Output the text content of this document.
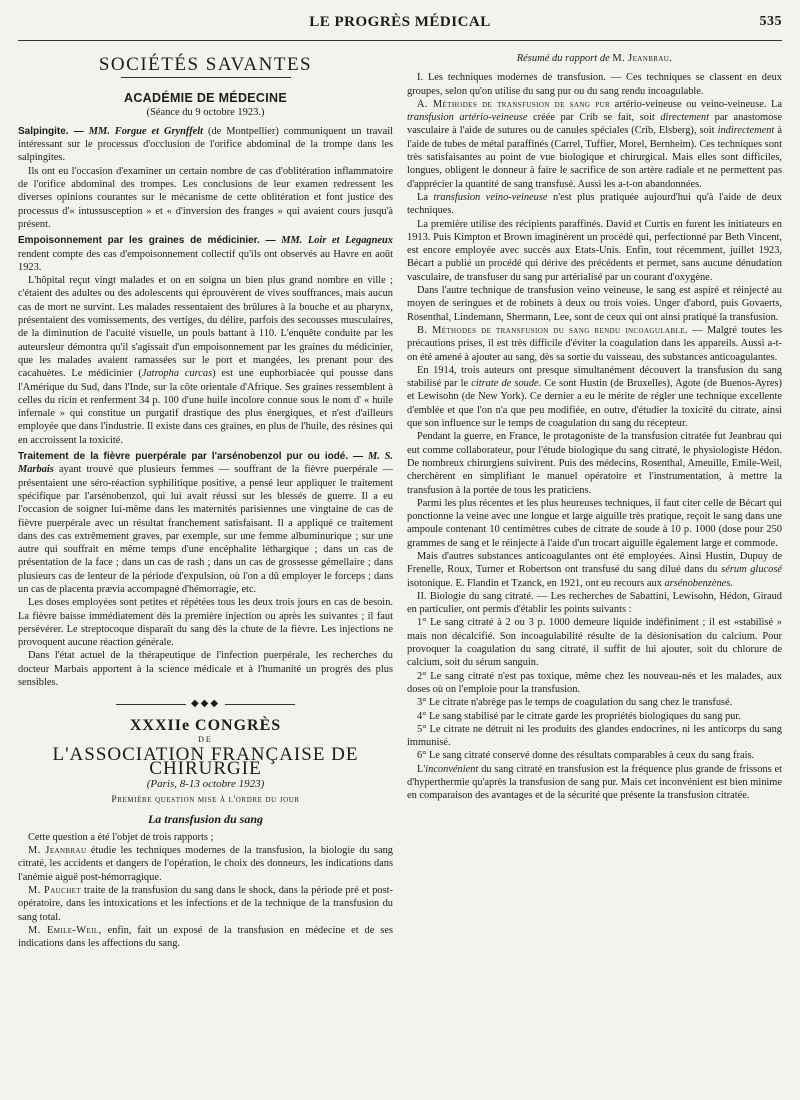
LE PROGRÈS MÉDICAL	535
SOCIÉTÉS SAVANTES
ACADÉMIE DE MÉDECINE
(Séance du 9 octobre 1923.)

Salpingite. — MM. Forgue et Grynffelt (de Montpellier) communiquent un travail intéressant sur le processus d'occlusion de l'orifice abdominal de la trompe dans les salpingites.

Ils ont eu l'occasion d'examiner un certain nombre de cas d'oblitération inflammatoire de l'orifice abdominal des trompes. Les conclusions de leur examen redressent les diverses opinions courantes sur le mécanisme de cette oblitération et font justice des processus d'« intussusception » et « d'inversion des franges » qui avaient cours jusqu'à présent.

Empoisonnement par les graines de médicinier. — MM. Loir et Legagneux rendent compte des cas d'empoisonnement collectif qu'ils ont observés au Havre en août 1923.

L'hôpital reçut vingt malades et on en soigna un bien plus grand nombre en ville ; c'étaient des adultes ou des adolescents qui éprouvèrent de vives souffrances, mais aucun cas de mort ne survint. Les malades ressentaient des brûlures à la bouche et au pharynx, présentaient des vomissements, des vertiges, du délire, parfois des secousses musculaires, de la diminution de l'acuité visuelle, un pouls battant à 110. L'enquête conduite par les auteursleur démontra qu'il s'agissait d'un empoisonnement par les graines du médicinier, que les malades avaient ramassées sur le port et mangées, les prenant pour des cacahuètes. Le médicinier (Jatropha curcas) est une euphorbiacée qui pousse dans l'Amérique du Sud, dans l'Inde, sur la côte orientale d'Afrique. Ses graines ressemblent à celles du ricin et renferment 34 p. 100 d'une huile incolore connue sous le nom d' « huile infernale » qui constitue un purgatif drastique des plus énergiques, et n'est d'ailleurs employée que dans l'industrie. Il existe dans ces graines, en plus de l'huile, des résines qui en accroissent la toxicité.

Traitement de la fièvre puerpérale par l'arsénobenzol pur ou iodé. — M. S. Marbais ayant trouvé que plusieurs femmes — souffrant de la fièvre puerpérale — présentaient une séro-réaction syphilitique positive, a pensé leur appliquer le traitement spécifique par l'arsénobenzol, qui lui avait réussi sur les blessés de guerre. Il a eu l'occasion de soigner lui-même dans les maternités parisiennes une vingtaine de cas de fièvre puerpérale avec un résultat franchement satisfaisant. Il a appliqué ce traitement dans des cas extrêmement graves, par exemple, sur une femme albuminurique ; sur une autre qui souffrait en même temps d'une encéphalite léthargique ; dans un cas de présentation de la face ; dans un cas de rash ; dans un cas de grossesse gémellaire ; dans plusieurs cas de lenteur de la période d'expulsion, où l'on a dû employer le forceps ; dans un cas de placenta prævia accompagné d'hémorragie, etc.

Les doses employées sont petites et répétées tous les deux trois jours en cas de besoin. La fièvre baisse immédiatement dès la première injection ou après les suivantes ; il faut persévérer. Le streptocoque disparaît du sang dès la chute de la fièvre. Les injections ne provoquent aucune réaction générale.

Dans l'état actuel de la thérapeutique de l'infection puerpérale, les recherches du docteur Marbais apportent à la science médicale et à l'humanité un progrès des plus sensibles.

◆◆◆
XXXIIe CONGRÈS
DE
L'ASSOCIATION FRANÇAISE DE CHIRURGIE
(Paris, 8-13 octobre 1923)
Première question mise à l'ordre du jour
La transfusion du sang

Cette question a été l'objet de trois rapports ;

M. Jeanbrau étudie les techniques modernes de la transfusion, la biologie du sang citraté, les accidents et dangers de l'opération, le choix des donneurs, les indications dans l'anémie aiguë post-hémorragique.

M. Pauchet traite de la transfusion du sang dans le shock, dans la période pré et post-opératoire, dans les intoxications et les infections et de la technique de la transfusion du sang total.

M. Emile-Weil, enfin, fait un exposé de la transfusion en médecine et de ses indications dans les affections du sang.

Résumé du rapport de M. Jeanbrau.

I. Les techniques modernes de transfusion. — Ces techniques se classent en deux groupes, selon qu'on utilise du sang pur ou du sang rendu incoagulable.

A. Méthodes de transfusion de sang pur artério-veineuse ou veino-veineuse. La transfusion artério-veineuse créée par Crib se fait, soit directement par anastomose vasculaire à l'aide de sutures ou de canules spéciales (Crib, Elsberg), soit indirectement à l'aide de tubes de métal paraffinés (Carrel, Tuffier, Morel, Bernheim). Ces techniques sont très satisfaisantes au point de vue biologique et chirurgical. Mais elles sont difficiles, longues, obligent le donneur à faire le sacrifice de son artère radiale et ne permettent pas d'apprécier la quantité de sang transfusé. Aussi les a-t-on abandonnées.

La transfusion veino-veineuse n'est plus pratiquée aujourd'hui qu'à l'aide de deux techniques.

La première utilise des récipients paraffinés. David et Curtis en furent les initiateurs en 1913. Puis Kimpton et Brown imaginèrent un procédé qui, perfectionné par Beth Vincent, est encore employée avec succès aux Etats-Unis. Enfin, tout récemment, juillet 1923, Bécart a publié un procédé qui dérive des précédents et permet, sans aucune dénudation vasculaire, de transfuser du sang pur artérialisé par un courant d'oxygène.

Dans l'autre technique de transfusion veino veineuse, le sang est aspiré et réinjecté au moyen de seringues et de robinets à deux ou trois voies. Unger d'abord, puis Govaerts, Rosenthal, Lindemann, Shermann, Lee, sont de ceux qui ont ainsi pratiqué la transfusion.

B. Méthodes de transfusion du sang rendu incoagulable. — Malgré toutes les précautions prises, il est très difficile d'éviter la coagulation dans les appareils. Aussi a-t-on été amené à ajouter au sang, dès sa sortie du vaisseau, des substances anticoagulantes.

En 1914, trois auteurs ont presque simultanément découvert la transfusion du sang stabilisé par le citrate de soude. Ce sont Hustin (de Bruxelles), Agote (de Buenos-Ayres) et Lewisohn (de New York). Ce dernier a eu le mérite de régler une technique excellente d'emblée et que l'on n'a que peu modifiée, en outre, d'étudier la toxicité du citrate, ainsi que son influence sur le temps de coagulation du sang du récepteur.

Pendant la guerre, en France, le protagoniste de la transfusion citratée fut Jeanbrau qui eut comme collaborateur, pour l'étude biologique du sang citraté, le physiologiste Hédon. De nombreux chirurgiens suivirent. Puis des médecins, Rosenthal, Ameuille, Emile-Weil, cherchèrent en simplifiant le manuel opératoire et l'instrumentation, à mettre la transfusion à la portée de tous les praticiens.

Parmi les plus récentes et les plus heureuses techniques, il faut citer celle de Bécart qui ponctionne la veine avec une longue et large aiguille très pratique, reçoit le sang dans une ampoule contenant 10 centimètres cubes de citrate de soude à 10 p. 1000 (dose pour 250 grammes de sang et le réinjecte à l'aide d'un trocart aiguille également large et commode.

Mais d'autres substances anticoagulantes ont été employées. Ainsi Hustin, Dupuy de Frenelle, Roux, Turner et Robertson ont transfusé du sang dilué dans du sérum glucosé isotonique. E. Flandin et Tzanck, en 1921, ont eu recours aux arsénobenzènes.

II. Biologie du sang citraté. — Les recherches de Sabattini, Lewisohn, Hédon, Giraud en particulier, ont permis d'établir les points suivants :

1° Le sang citraté à 2 ou 3 p. 1000 demeure liquide indéfiniment ; il est «stabilisé » mais non décalcifié. Son incoagulabilité résulte de la désionisation du calcium. Pour provoquer la coagulation du sang citraté, il suffit de lui ajouter, soit du chlorure de calcium, soit du sérum sanguin.

2° Le sang citraté n'est pas toxique, même chez les nouveau-nés et les malades, aux doses où on l'emploie pour la transfusion.

3° Le citrate n'abrège pas le temps de coagulation du sang chez le transfusé.

4° Le sang stabilisé par le citrate garde les propriétés biologiques du sang pur.

5° Le citrate ne détruit ni les produits des glandes endocrines, ni les anticorps du sang immunisé.

6° Le sang citraté conservé donne des résultats comparables à ceux du sang frais.

L'inconvénient du sang citraté en transfusion est la fréquence plus grande de frissons et d'hyperthermie qu'après la transfusion de sang pur. Mais cet inconvénient est bien minime en comparaison des avantages et de la sécurité que présente la transfusion citratée.
